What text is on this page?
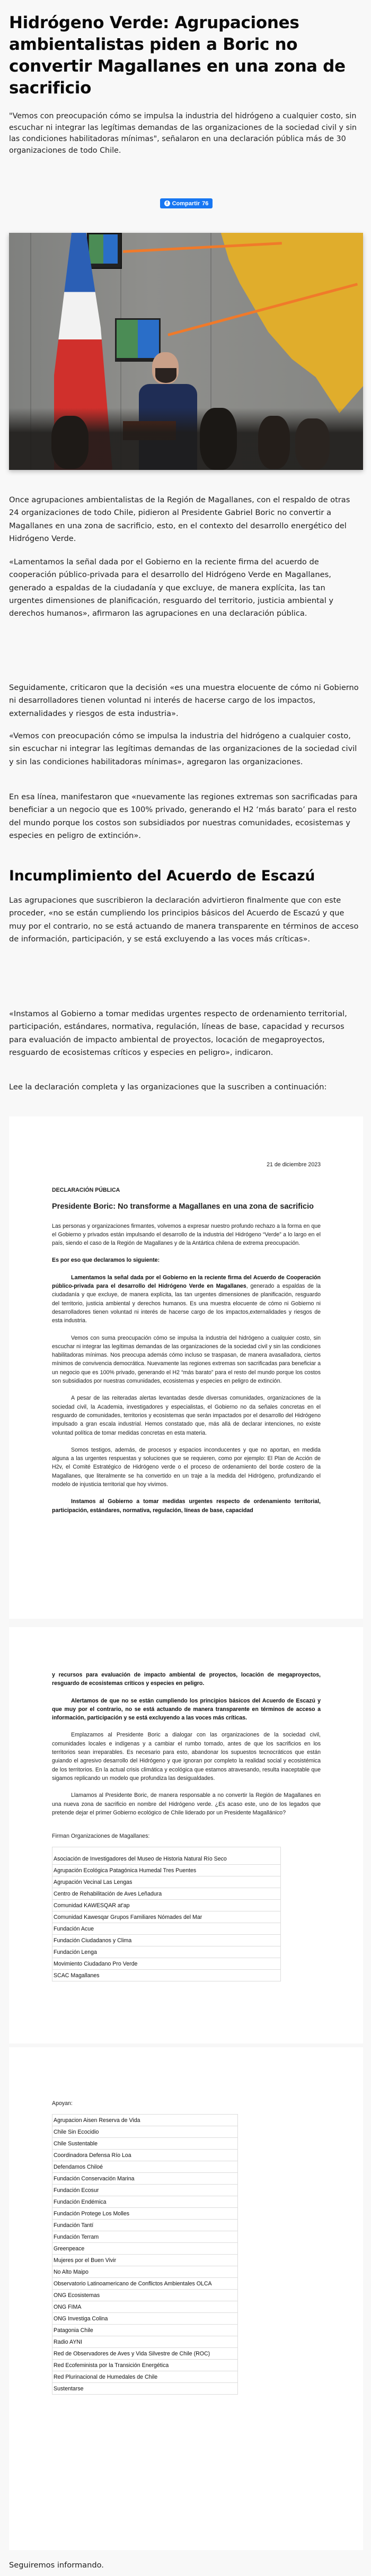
Hidrógeno Verde: Agrupaciones ambientalistas piden a Boric no convertir Magallanes en una zona de sacrificio

"Vemos con preocupación cómo se impulsa la industria del hidrógeno a cualquier costo, sin escuchar ni integrar las legítimas demandas de las organizaciones de la sociedad civil y sin las condiciones habilitadoras mínimas", señalaron en una declaración pública más de 30 organizaciones de todo Chile.

f Compartir 76

Once agrupaciones ambientalistas de la Región de Magallanes, con el respaldo de otras 24 organizaciones de todo Chile, pidieron al Presidente Gabriel Boric no convertir a Magallanes en una zona de sacrificio, esto, en el contexto del desarrollo energético del Hidrógeno Verde.

«Lamentamos la señal dada por el Gobierno en la reciente firma del acuerdo de cooperación público-privada para el desarrollo del Hidrógeno Verde en Magallanes, generado a espaldas de la ciudadanía y que excluye, de manera explícita, las tan urgentes dimensiones de planificación, resguardo del territorio, justicia ambiental y derechos humanos», afirmaron las agrupaciones en una declaración pública.

Seguidamente, criticaron que la decisión «es una muestra elocuente de cómo ni Gobierno ni desarrolladores tienen voluntad ni interés de hacerse cargo de los impactos, externalidades y riesgos de esta industria».

«Vemos con preocupación cómo se impulsa la industria del hidrógeno a cualquier costo, sin escuchar ni integrar las legítimas demandas de las organizaciones de la sociedad civil y sin las condiciones habilitadoras mínimas», agregaron las organizaciones.

En esa línea, manifestaron que «nuevamente las regiones extremas son sacrificadas para beneficiar a un negocio que es 100% privado, generando el H2 ‘más barato’ para el resto del mundo porque los costos son subsidiados por nuestras comunidades, ecosistemas y especies en peligro de extinción».

Incumplimiento del Acuerdo de Escazú

Las agrupaciones que suscribieron la declaración advirtieron finalmente que con este proceder, «no se están cumpliendo los principios básicos del Acuerdo de Escazú y que muy por el contrario, no se está actuando de manera transparente en términos de acceso de información, participación, y se está excluyendo a las voces más críticas».

«Instamos al Gobierno a tomar medidas urgentes respecto de ordenamiento territorial, participación, estándares, normativa, regulación, líneas de base, capacidad y recursos para evaluación de impacto ambiental de proyectos, locación de megaproyectos, resguardo de ecosistemas críticos y especies en peligro», indicaron.

Lee la declaración completa y las organizaciones que la suscriben a continuación:

21 de diciembre 2023
DECLARACIÓN PÚBLICA

Presidente Boric: No transforme a Magallanes en una zona de sacrificio

Las personas y organizaciones firmantes, volvemos a expresar nuestro profundo rechazo a la forma en que el Gobierno y privados están impulsando el desarrollo de la industria del Hidrógeno “Verde” a lo largo en el país, siendo el caso de la Región de Magallanes y de la Antártica chilena de extrema preocupación.

Es por eso que declaramos lo siguiente:

Lamentamos la señal dada por el Gobierno en la reciente firma del Acuerdo de Cooperación público-privada para el desarrollo del Hidrógeno Verde en Magallanes, generado a espaldas de la ciudadanía y que excluye, de manera explícita, las tan urgentes dimensiones de planificación, resguardo del territorio, justicia ambiental y derechos humanos. Es una muestra elocuente de cómo ni Gobierno ni desarrolladores tienen voluntad ni interés de hacerse cargo de los impactos,externalidades y riesgos de esta industria.

Vemos con suma preocupación cómo se impulsa la industria del hidrógeno a cualquier costo, sin escuchar ni integrar las legítimas demandas de las organizaciones de la sociedad civil y sin las condiciones habilitadoras mínimas. Nos preocupa además cómo incluso se traspasan, de manera avasalladora, ciertos mínimos de convivencia democrática. Nuevamente las regiones extremas son sacrificadas para beneficiar a un negocio que es 100% privado, generando el H2 “más barato” para el resto del mundo porque los costos son subsidiados por nuestras comunidades, ecosistemas y especies en peligro de extinción.

A pesar de las reiteradas alertas levantadas desde diversas comunidades, organizaciones de la sociedad civil, la Academia, investigadores y especialistas, el Gobierno no da señales concretas en el resguardo de comunidades, territorios y ecosistemas que serán impactados por el desarrollo del Hidrógeno impulsado a gran escala industrial. Hemos constatado que, más allá de declarar intenciones, no existe voluntad política de tomar medidas concretas en esta materia.

Somos testigos, además, de procesos y espacios inconducentes y que no aportan, en medida alguna a las urgentes respuestas y soluciones que se requieren, como por ejemplo: El Plan de Acción de H2v, el Comité Estratégico de Hidrógeno verde o el proceso de ordenamiento del borde costero de la Magallanes, que literalmente se ha convertido en un traje a la medida del Hidrógeno, profundizando el modelo de injusticia territorial que hoy vivimos.

Instamos al Gobierno a tomar medidas urgentes respecto de ordenamiento territorial, participación, estándares, normativa, regulación, líneas de base, capacidad

y recursos para evaluación de impacto ambiental de proyectos, locación de megaproyectos, resguardo de ecosistemas críticos y especies en peligro.

Alertamos de que no se están cumpliendo los principios básicos del Acuerdo de Escazú y que muy por el contrario, no se está actuando de manera transparente en términos de acceso a información, participación y se está excluyendo a las voces más críticas.

Emplazamos al Presidente Boric a dialogar con las organizaciones de la sociedad civil, comunidades locales e indígenas y a cambiar el rumbo tomado, antes de que los sacrificios en los territorios sean irreparables. Es necesario para esto, abandonar los supuestos tecnocráticos que están guiando el agresivo desarrollo del Hidrógeno y que ignoran por completo la realidad social y ecosistémica de los territorios. En la actual crisis climática y ecológica que estamos atravesando, resulta inaceptable que sigamos replicando un modelo que profundiza las desigualdades.

Llamamos al Presidente Boric, de manera responsable a no convertir la Región de Magallanes en una nueva zona de sacrificio en nombre del Hidrógeno verde. ¿Es acaso este, uno de los legados que pretende dejar el primer Gobierno ecológico de Chile liderado por un Presidente Magallánico?

Firman Organizaciones de Magallanes:
Asociación de Investigadores del Museo de Historia Natural Río Seco
Agrupación Ecológica Patagónica Humedal Tres Puentes
Agrupación Vecinal Las Lengas
Centro de Rehabilitación de Aves Leñadura
Comunidad KAWESQAR at'ap
Comunidad Kawesqar Grupos Familiares Nómades del Mar
Fundación Acue
Fundación Ciudadanos y Clima
Fundación Lenga
Movimiento Ciudadano Pro Verde
SCAC Magallanes
Apoyan:
Agrupacion Aisen Reserva de Vida
Chile Sin Ecocidio
Chile Sustentable
Coordinadora Defensa Río Loa
Defendamos Chiloé
Fundación Conservación Marina
Fundación Ecosur
Fundación Endémica
Fundación Protege Los Molles
Fundación Tantí
Fundación Terram
Greenpeace
Mujeres por el Buen Vivir
No Alto Maipo
Observatorio Latinoamericano de Conflictos Ambientales OLCA
ONG Ecosistemas
ONG FIMA
ONG Investiga Colina
Patagonia Chile
Radio AYNI
Red de Observadores de Aves y Vida Silvestre de Chile (ROC)
Red Ecofeminista por la Transición Energética
Red Plurinacional de Humedales de Chile
Sustentarse

Seguiremos informando.
